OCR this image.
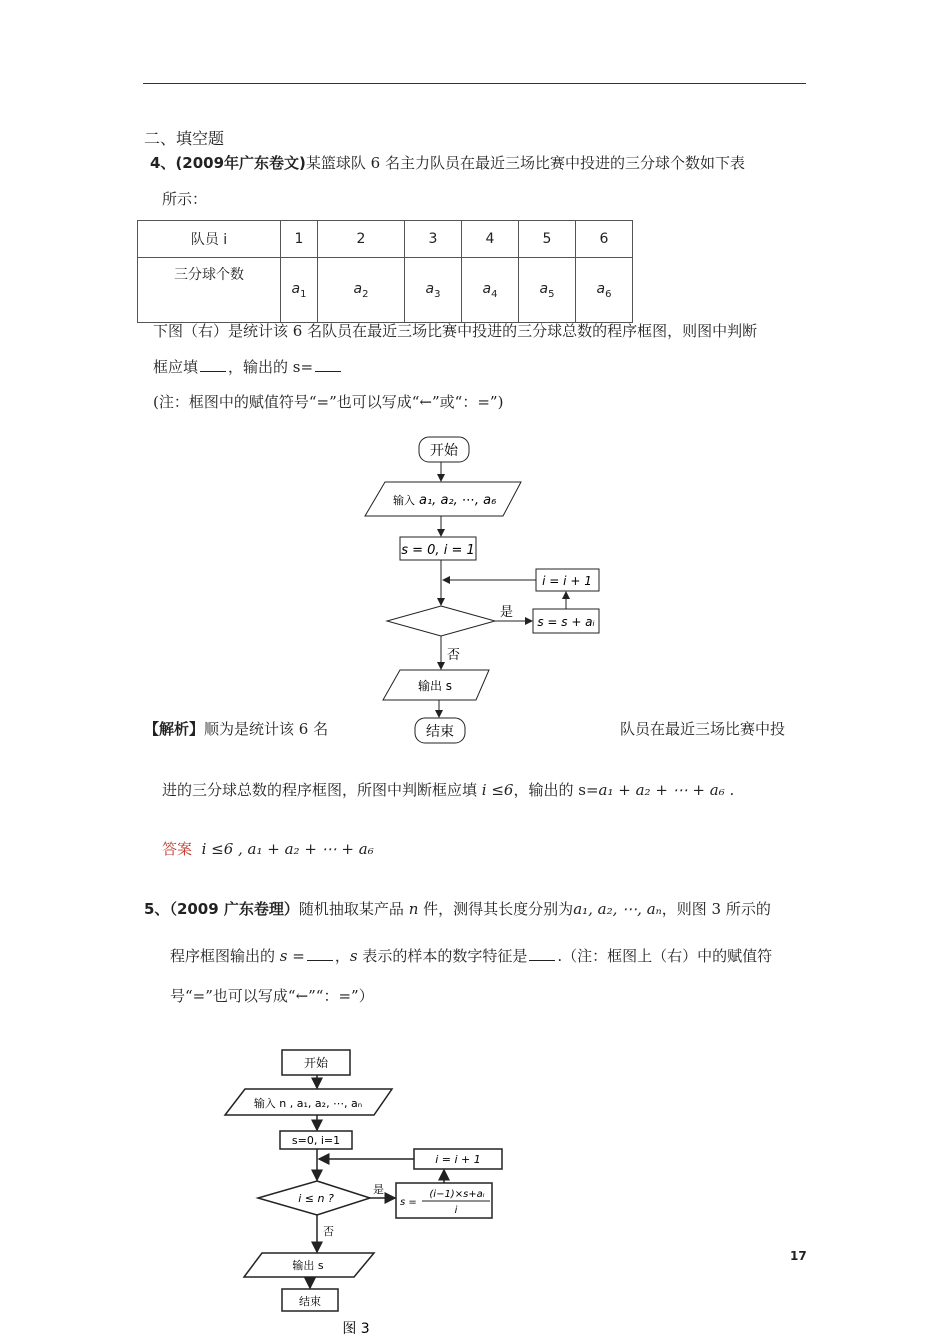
二、填空题
4、(2009年广东卷文)某篮球队 6 名主力队员在最近三场比赛中投进的三分球个数如下表
所示：
队员 i	1	2	3	4	5	6
三分球个数	$a_1$	$a_2$	$a_3$	$a_4$	$a_5$	$a_6$
下图（右）是统计该 6 名队员在最近三场比赛中投进的三分球总数的程序框图，则图中判断
框应填 ，输出的 s=
(注：框图中的赋值符号“=”也可以写成“←”或“：=”)
开始
输入 a₁, a₂, ⋯, a₆
s = 0, i = 1
i = i + 1
是
s = s + aᵢ
否
输出 s
结束
【解析】顺为是统计该 6 名	队员在最近三场比赛中投
进的三分球总数的程序框图，所图中判断框应填 i ≤6，输出的 s=a₁ + a₂ + ⋯ + a₆ .
答案 i ≤6 , a₁ + a₂ + ⋯ + a₆
5、（2009 广东卷理）随机抽取某产品 n 件，测得其长度分别为a₁, a₂, ⋯, aₙ，则图 3 所示的
程序框图输出的 s = ，s 表示的样本的数字特征是 .（注：框图上（右）中的赋值符
号“=”也可以写成“←”“：=”）
开始
输入 n , a₁, a₂, ⋯, aₙ
s=0, i=1
i = i + 1
i ≤ n ?
是
s =
(i−1)×s+aᵢ
i
否
输出 s
结束
图 3
17
